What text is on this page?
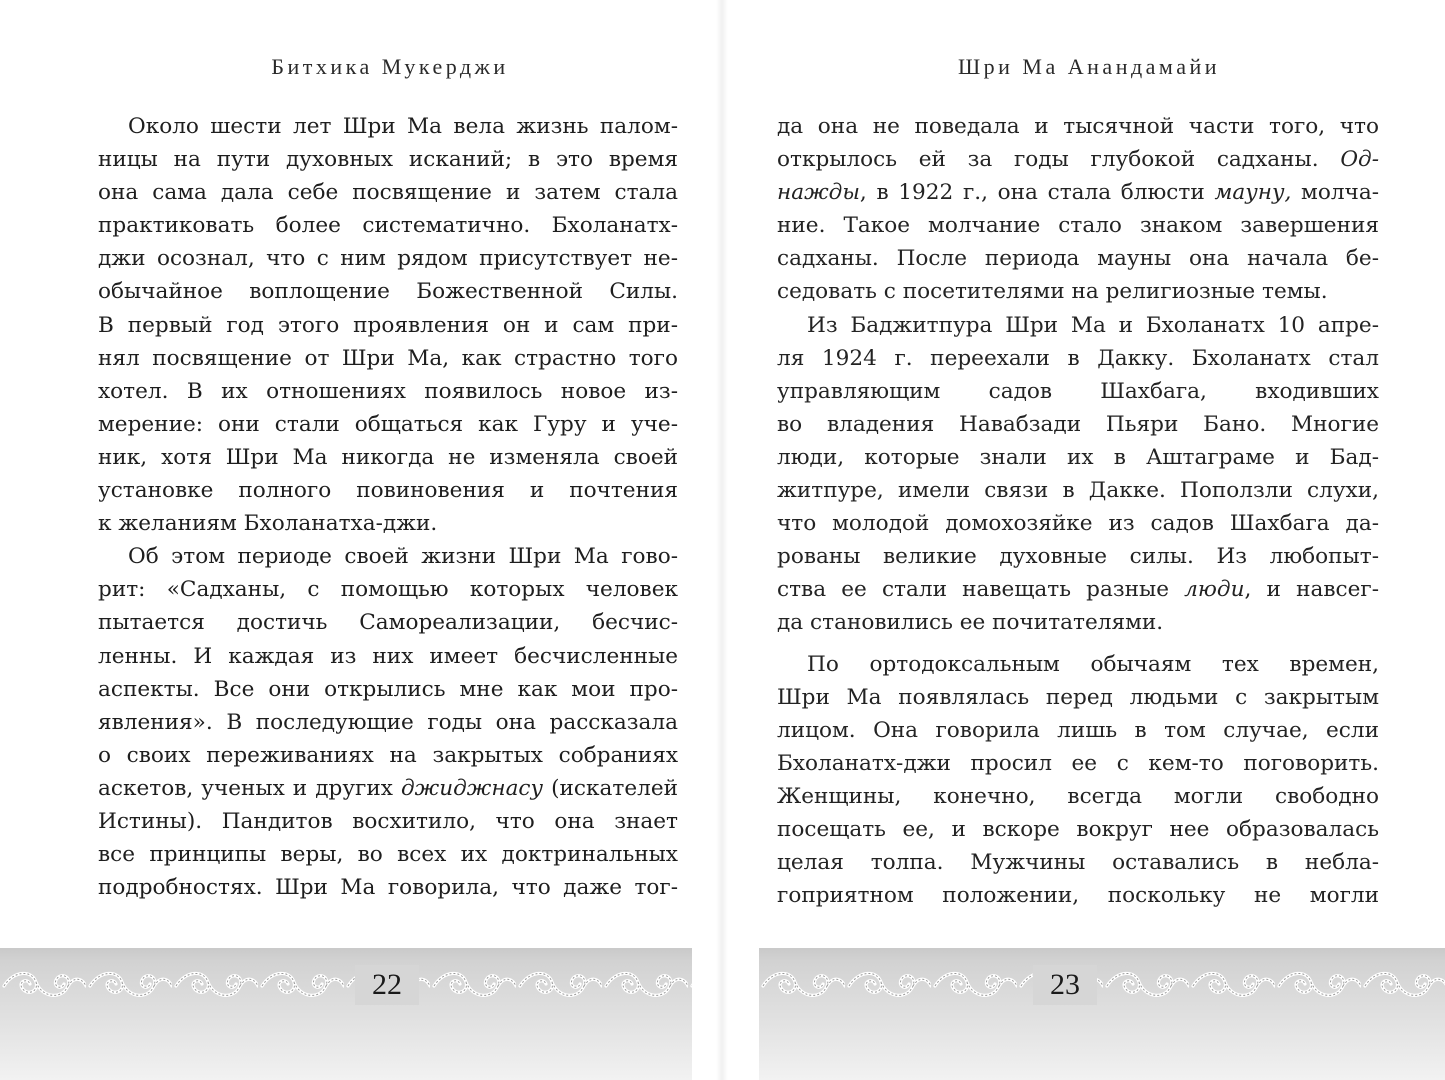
Битхика Мукерджи

Около шести лет Шри Ма вела жизнь палом-

ницы на пути духовных исканий; в это время

она сама дала себе посвящение и затем стала

практиковать более систематично. Бхоланатх-

джи осознал, что с ним рядом присутствует не-

обычайное воплощение Божественной Силы.

В первый год этого проявления он и сам при-

нял посвящение от Шри Ма, как страстно того

хотел. В их отношениях появилось новое из-

мерение: они стали общаться как Гуру и уче-

ник, хотя Шри Ма никогда не изменяла своей

установке полного повиновения и почтения

к желаниям Бхоланатха-джи.

Об этом периоде своей жизни Шри Ма гово-

рит: «Садханы, с помощью которых человек

пытается достичь Самореализации, бесчис-

ленны. И каждая из них имеет бесчисленные

аспекты. Все они открылись мне как мои про-

явления». В последующие годы она рассказала

о своих переживаниях на закрытых собраниях

аскетов, ученых и других джиджнасу (искателей

Истины). Пандитов восхитило, что она знает

все принципы веры, во всех их доктринальных

подробностях. Шри Ма говорила, что даже тог-

22
Шри Ма Анандамайи

да она не поведала и тысячной части того, что

открылось ей за годы глубокой садханы. Од-

нажды, в 1922 г., она стала блюсти мауну, молча-

ние. Такое молчание стало знаком завершения

садханы. После периода мауны она начала бе-

седовать с посетителями на религиозные темы.

Из Баджитпура Шри Ма и Бхоланатх 10 апре-

ля 1924 г. переехали в Дакку. Бхоланатх стал

управляющим садов Шахбага, входивших

во владения Навабзади Пьяри Бано. Многие

люди, которые знали их в Аштаграме и Бад-

житпуре, имели связи в Дакке. Поползли слухи,

что молодой домохозяйке из садов Шахбага да-

рованы великие духовные силы. Из любопыт-

ства ее стали навещать разные люди, и навсег-

да становились ее почитателями.

По ортодоксальным обычаям тех времен,

Шри Ма появлялась перед людьми с закрытым

лицом. Она говорила лишь в том случае, если

Бхоланатх-джи просил ее с кем-то поговорить.

Женщины, конечно, всегда могли свободно

посещать ее, и вскоре вокруг нее образовалась

целая толпа. Мужчины оставались в небла-

гоприятном положении, поскольку не могли

23
